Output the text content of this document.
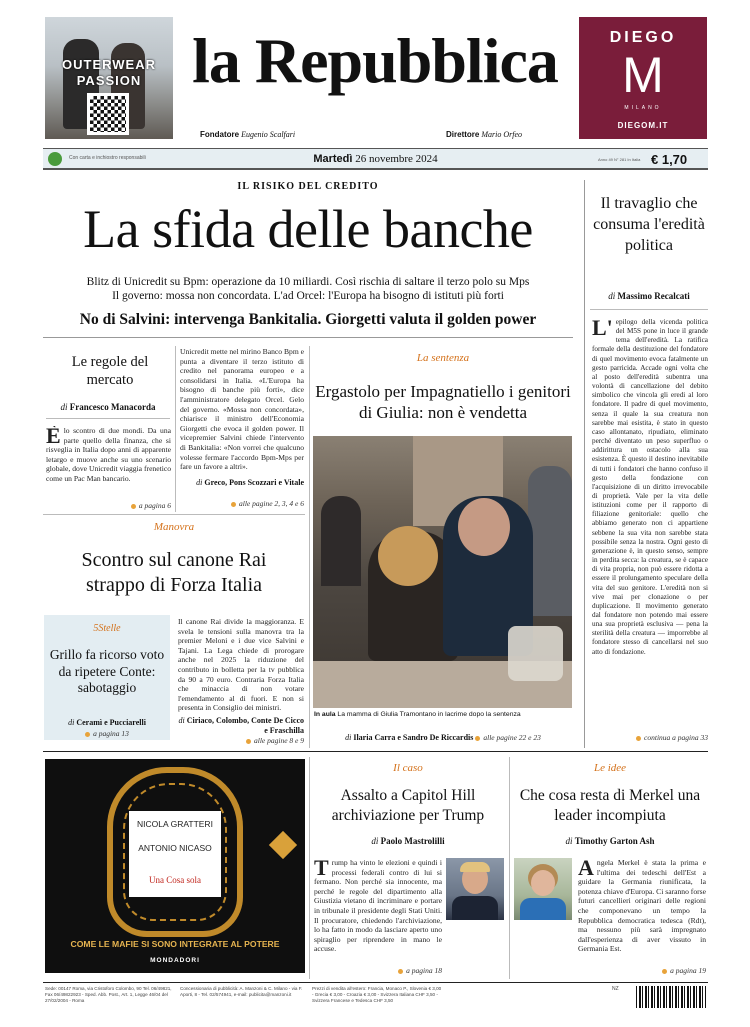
OUTERWEAR
PASSION la Repubblica
Fondatore Eugenio Scalfari	Direttore Mario Orfeo
DIEGO
M
MILANO
DIEGOM.IT
Con carta e inchiostro responsabili	Martedì 26 novembre 2024	Anno 49 N° 281 In Italia € 1,70
IL RISIKO DEL CREDITO
La sfida delle banche
Blitz di Unicredit su Bpm: operazione da 10 miliardi. Così rischia di saltare il terzo polo su Mps
Il governo: mossa non concordata. L'ad Orcel: l'Europa ha bisogno di istituti più forti
No di Salvini: intervenga Bankitalia. Giorgetti valuta il golden power
Il travaglio che consuma l'eredità politica
di Massimo Recalcati
L' epilogo della vicenda politica del M5S pone in luce il grande tema dell'eredità. La ratifica formale della destituzione del fondatore di quel movimento evoca fatalmente un gesto parricida. Accade ogni volta che al posto dell'eredità subentra una volontà di cancellazione del debito simbolico che vincola gli eredi al loro fondatore. Il padre di quel movimento, senza il quale la sua creatura non sarebbe mai esistita, è stato in questo caso allontanato, ripudiato, eliminato perché diventato un peso superfluo o addirittura un ostacolo alla sua esistenza. È questo il destino inevitabile di tutti i fondatori che hanno confuso il gesto della fondazione con l'acquisizione di un diritto irrevocabile di proprietà. Vale per la vita delle istituzioni come per il rapporto di filiazione genitoriale: quello che abbiamo generato non ci appartiene sebbene la sua vita non sarebbe stata possibile senza la nostra. Ogni gesto di generazione è, in questo senso, sempre in perdita secca: la creatura, se è capace di vita propria, non può essere ridotta a essere il prolungamento speculare della vita del suo genitore. L'eredità non si vive mai per clonazione o per duplicazione. Il movimento generato dal fondatore non potendo mai essere una sua proprietà esclusiva — pena la sterilità della creatura — imporrebbe al fondatore stesso di cancellarsi nel suo atto di fondazione.
continua a pagina 33
Le regole del mercato
di Francesco Manacorda
Èlo scontro di due mondi. Da una parte quello della finanza, che si risveglia in Italia dopo anni di apparente letargo e muove anche su uno scenario globale, dove Unicredit viaggia frenetico come un Pac Man bancario.
a pagina 6
Unicredit mette nel mirino Banco Bpm e punta a diventare il terzo istituto di credito nel panorama europeo e a consolidarsi in Italia. «L'Europa ha bisogno di banche più forti», dice l'amministratore delegato Orcel. Gelo del governo. «Mossa non concordata», chiarisce il ministro dell'Economia Giorgetti che evoca il golden power. Il vicepremier Salvini chiede l'intervento di Bankitalia: «Non vorrei che qualcuno volesse fermare l'accordo Bpm-Mps per fare un favore a altri».
di Greco, Pons Scozzari e Vitale
alle pagine 2, 3, 4 e 6
La sentenza
Ergastolo per Impagnatiello i genitori di Giulia: non è vendetta
In aula La mamma di Giulia Tramontano in lacrime dopo la sentenza
di Ilaria Carra e Sandro De Riccardis alle pagine 22 e 23
Manovra
Scontro sul canone Rai strappo di Forza Italia
5Stelle
Grillo fa ricorso voto da ripetere Conte: sabotaggio
di Ceramì e Pucciarelli
a pagina 13
Il canone Rai divide la maggioranza. E svela le tensioni sulla manovra tra la premier Meloni e i due vice Salvini e Tajani. La Lega chiede di prorogare anche nel 2025 la riduzione del contributo in bolletta per la tv pubblica da 90 a 70 euro. Contraria Forza Italia che minaccia di non votare l'emendamento al di fuori. E non si presenta in Consiglio dei ministri.
di Ciriaco, Colombo, Conte De Cicco e Fraschilla
alle pagine 8 e 9
NICOLA GRATTERI
ANTONIO NICASO
Una Cosa sola
COME LE MAFIE SI SONO INTEGRATE AL POTERE
MONDADORI
Il caso
Assalto a Capitol Hill archiviazione per Trump
di Paolo Mastrolilli
Trump ha vinto le elezioni e quindi i processi federali contro di lui si fermano. Non perché sia innocente, ma perché le regole del dipartimento alla Giustizia vietano di incriminare e portare in tribunale il presidente degli Stati Uniti. Il procuratore, chiedendo l'archiviazione, lo ha fatto in modo da lasciare aperto uno spiraglio per riprendere in mano le accuse.
a pagina 18
Le idee
Che cosa resta di Merkel una leader incompiuta
di Timothy Garton Ash
Angela Merkel è stata la prima e l'ultima dei tedeschi dell'Est a guidare la Germania riunificata, la potenza chiave d'Europa. Ci saranno forse futuri cancellieri originari delle regioni che componevano un tempo la Repubblica democratica tedesca (Rdt), ma nessuno più sarà impregnato dall'esperienza di aver vissuto in Germania Est.
a pagina 19
Sede: 00147 Roma, via Cristoforo Colombo, 90 Tel. 06/49821, Fax 06/49822923 - Sped. Abb. Post., Art. 1, Legge 46/04 del 27/02/2004 - Roma
Concessionaria di pubblicità: A. Manzoni & C. Milano - via F. Aporti, 8 - Tel. 02/574941, e-mail: publicita@manzoni.it
Prezzi di vendita all'estero: Francia, Monaco P., Slovenia € 3,00 - Grecia € 3,00 - Croazia € 3,00 - Svizzera Italiana CHF 3,50 - Svizzera Francese e Tedesca CHF 3,50
NZ
